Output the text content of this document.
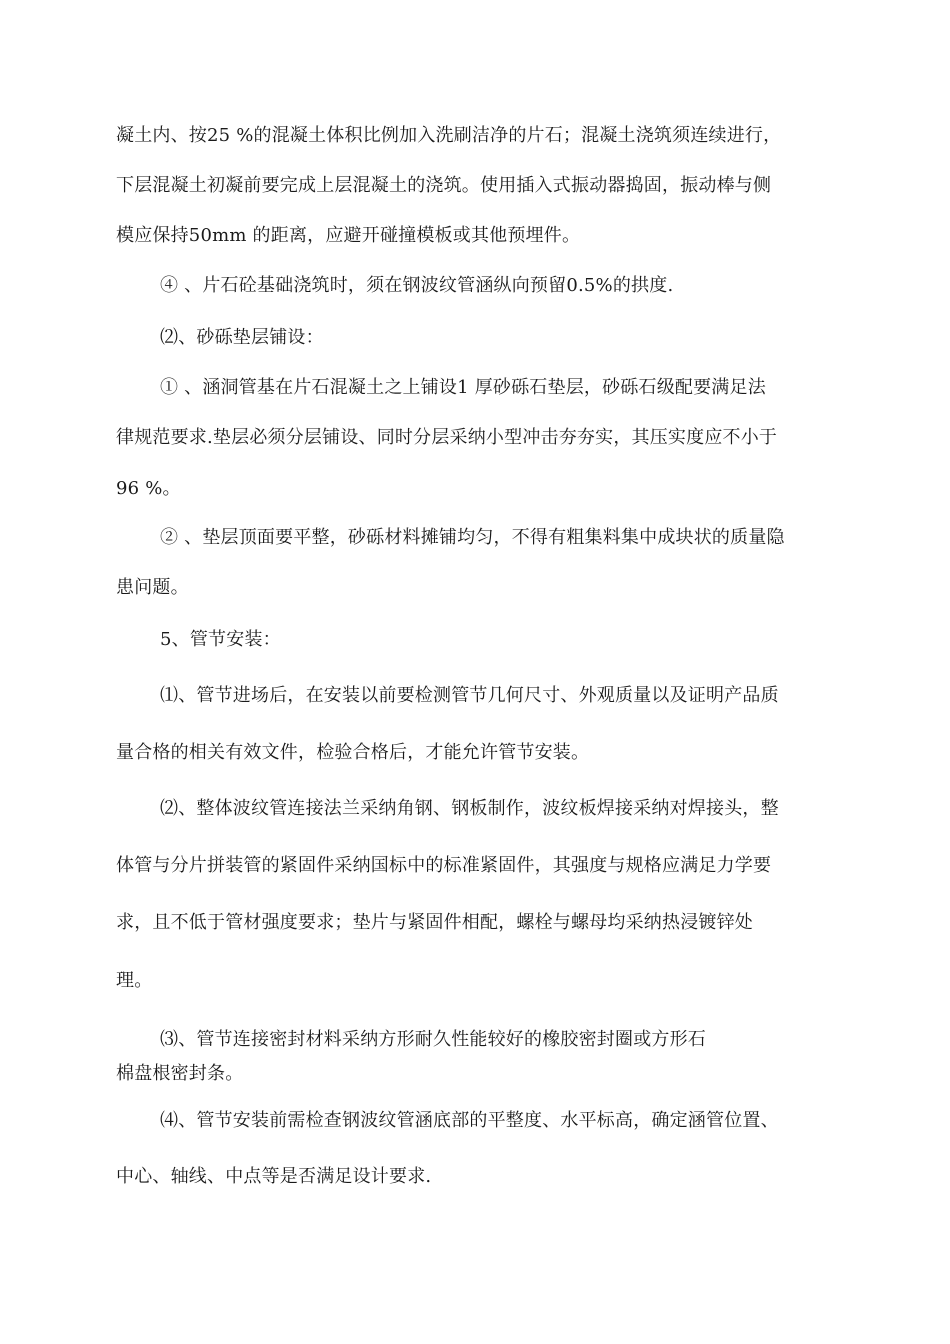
凝土内、按25 %的混凝土体积比例加入洗刷洁净的片石；混凝土浇筑须连续进行，
下层混凝土初凝前要完成上层混凝土的浇筑。使用插入式振动器捣固，振动棒与侧
模应保持50mm 的距离，应避开碰撞模板或其他预埋件。
④ 、片石砼基础浇筑时，须在钢波纹管涵纵向预留0.5%的拱度.
⑵、砂砾垫层铺设：
① 、涵洞管基在片石混凝土之上铺设1 厚砂砾石垫层，砂砾石级配要满足法
律规范要求.垫层必须分层铺设、同时分层采纳小型冲击夯夯实，其压实度应不小于
96 %。
② 、垫层顶面要平整，砂砾材料摊铺均匀，不得有粗集料集中成块状的质量隐
患问题。
5、管节安装：
⑴、管节进场后，在安装以前要检测管节几何尺寸、外观质量以及证明产品质
量合格的相关有效文件，检验合格后，才能允许管节安装。
⑵、整体波纹管连接法兰采纳角钢、钢板制作，波纹板焊接采纳对焊接头，整
体管与分片拼装管的紧固件采纳国标中的标准紧固件，其强度与规格应满足力学要
求，且不低于管材强度要求；垫片与紧固件相配，螺栓与螺母均采纳热浸镀锌处
理。
⑶、管节连接密封材料采纳方形耐久性能较好的橡胶密封圈或方形石
棉盘根密封条。
⑷、管节安装前需检查钢波纹管涵底部的平整度、水平标高，确定涵管位置、
中心、轴线、中点等是否满足设计要求.
